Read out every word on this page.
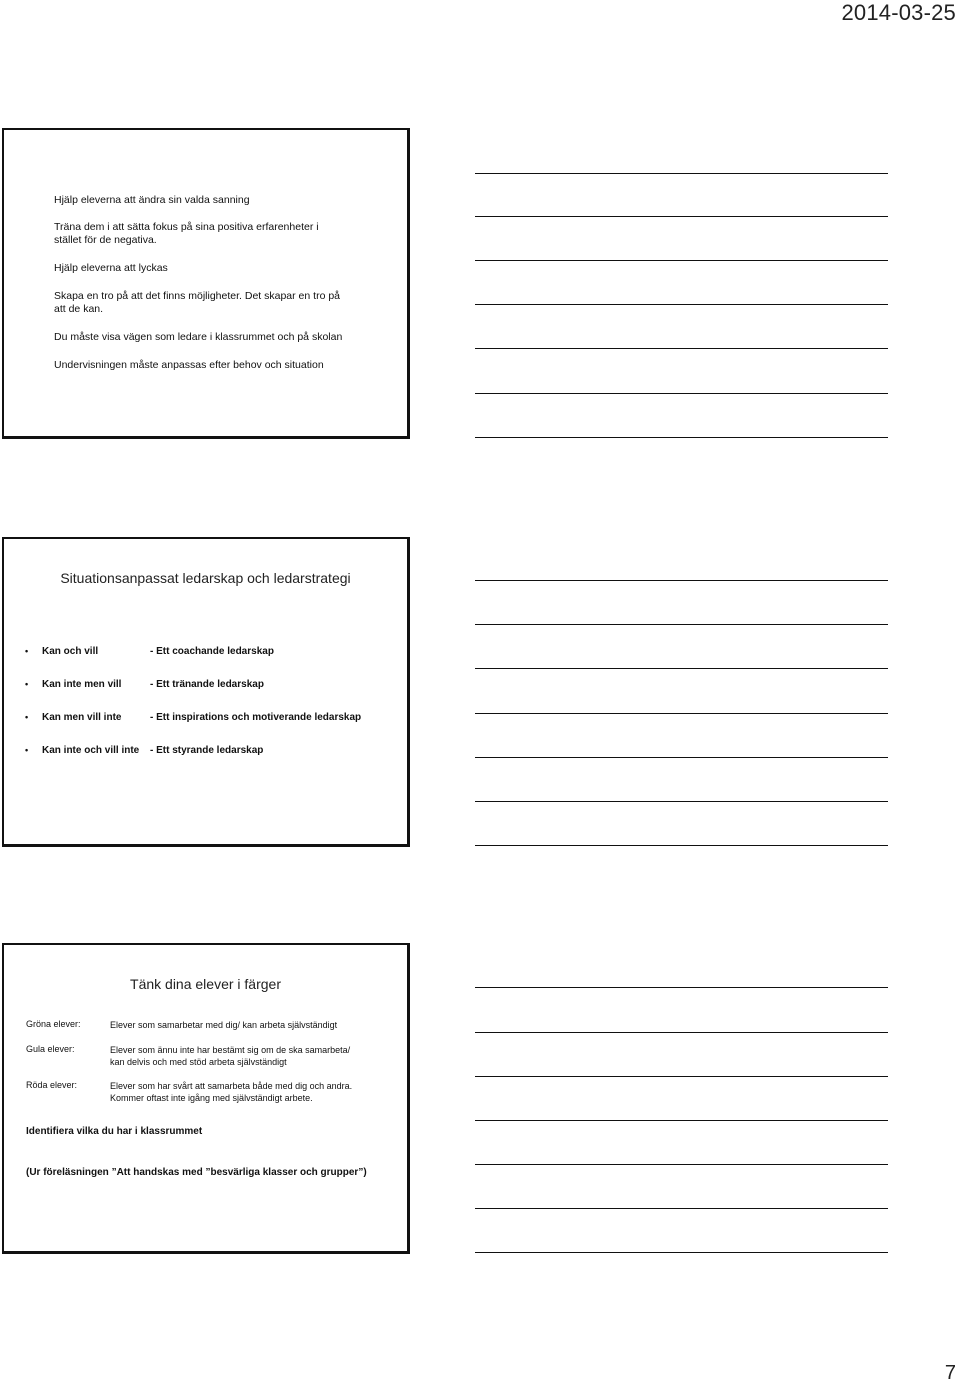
2014-03-25
Hjälp eleverna att ändra sin valda sanning
Träna dem i att sätta fokus på sina positiva erfarenheter i stället för de negativa.
Hjälp eleverna att lyckas
Skapa en tro på att det finns möjligheter. Det skapar en tro på att de kan.
Du måste visa vägen som ledare i klassrummet och på skolan
Undervisningen måste anpassas efter behov och situation
Situationsanpassat ledarskap och ledarstrategi
• Kan och vill	- Ett coachande ledarskap
• Kan inte men vill	- Ett tränande ledarskap
• Kan men vill inte	- Ett inspirations och motiverande ledarskap
• Kan inte och vill inte - Ett styrande ledarskap
Tänk dina elever i färger
Gröna elever:	Elever som samarbetar med dig/ kan arbeta självständigt
Gula elever:	Elever som ännu inte har bestämt sig om de ska samarbeta/ kan delvis och med stöd arbeta självständigt
Röda elever:	Elever som har svårt att samarbeta både med dig och andra. Kommer oftast inte igång med självständigt arbete.
Identifiera vilka du har i klassrummet
(Ur föreläsningen ”Att handskas med ”besvärliga klasser och grupper”)
7
